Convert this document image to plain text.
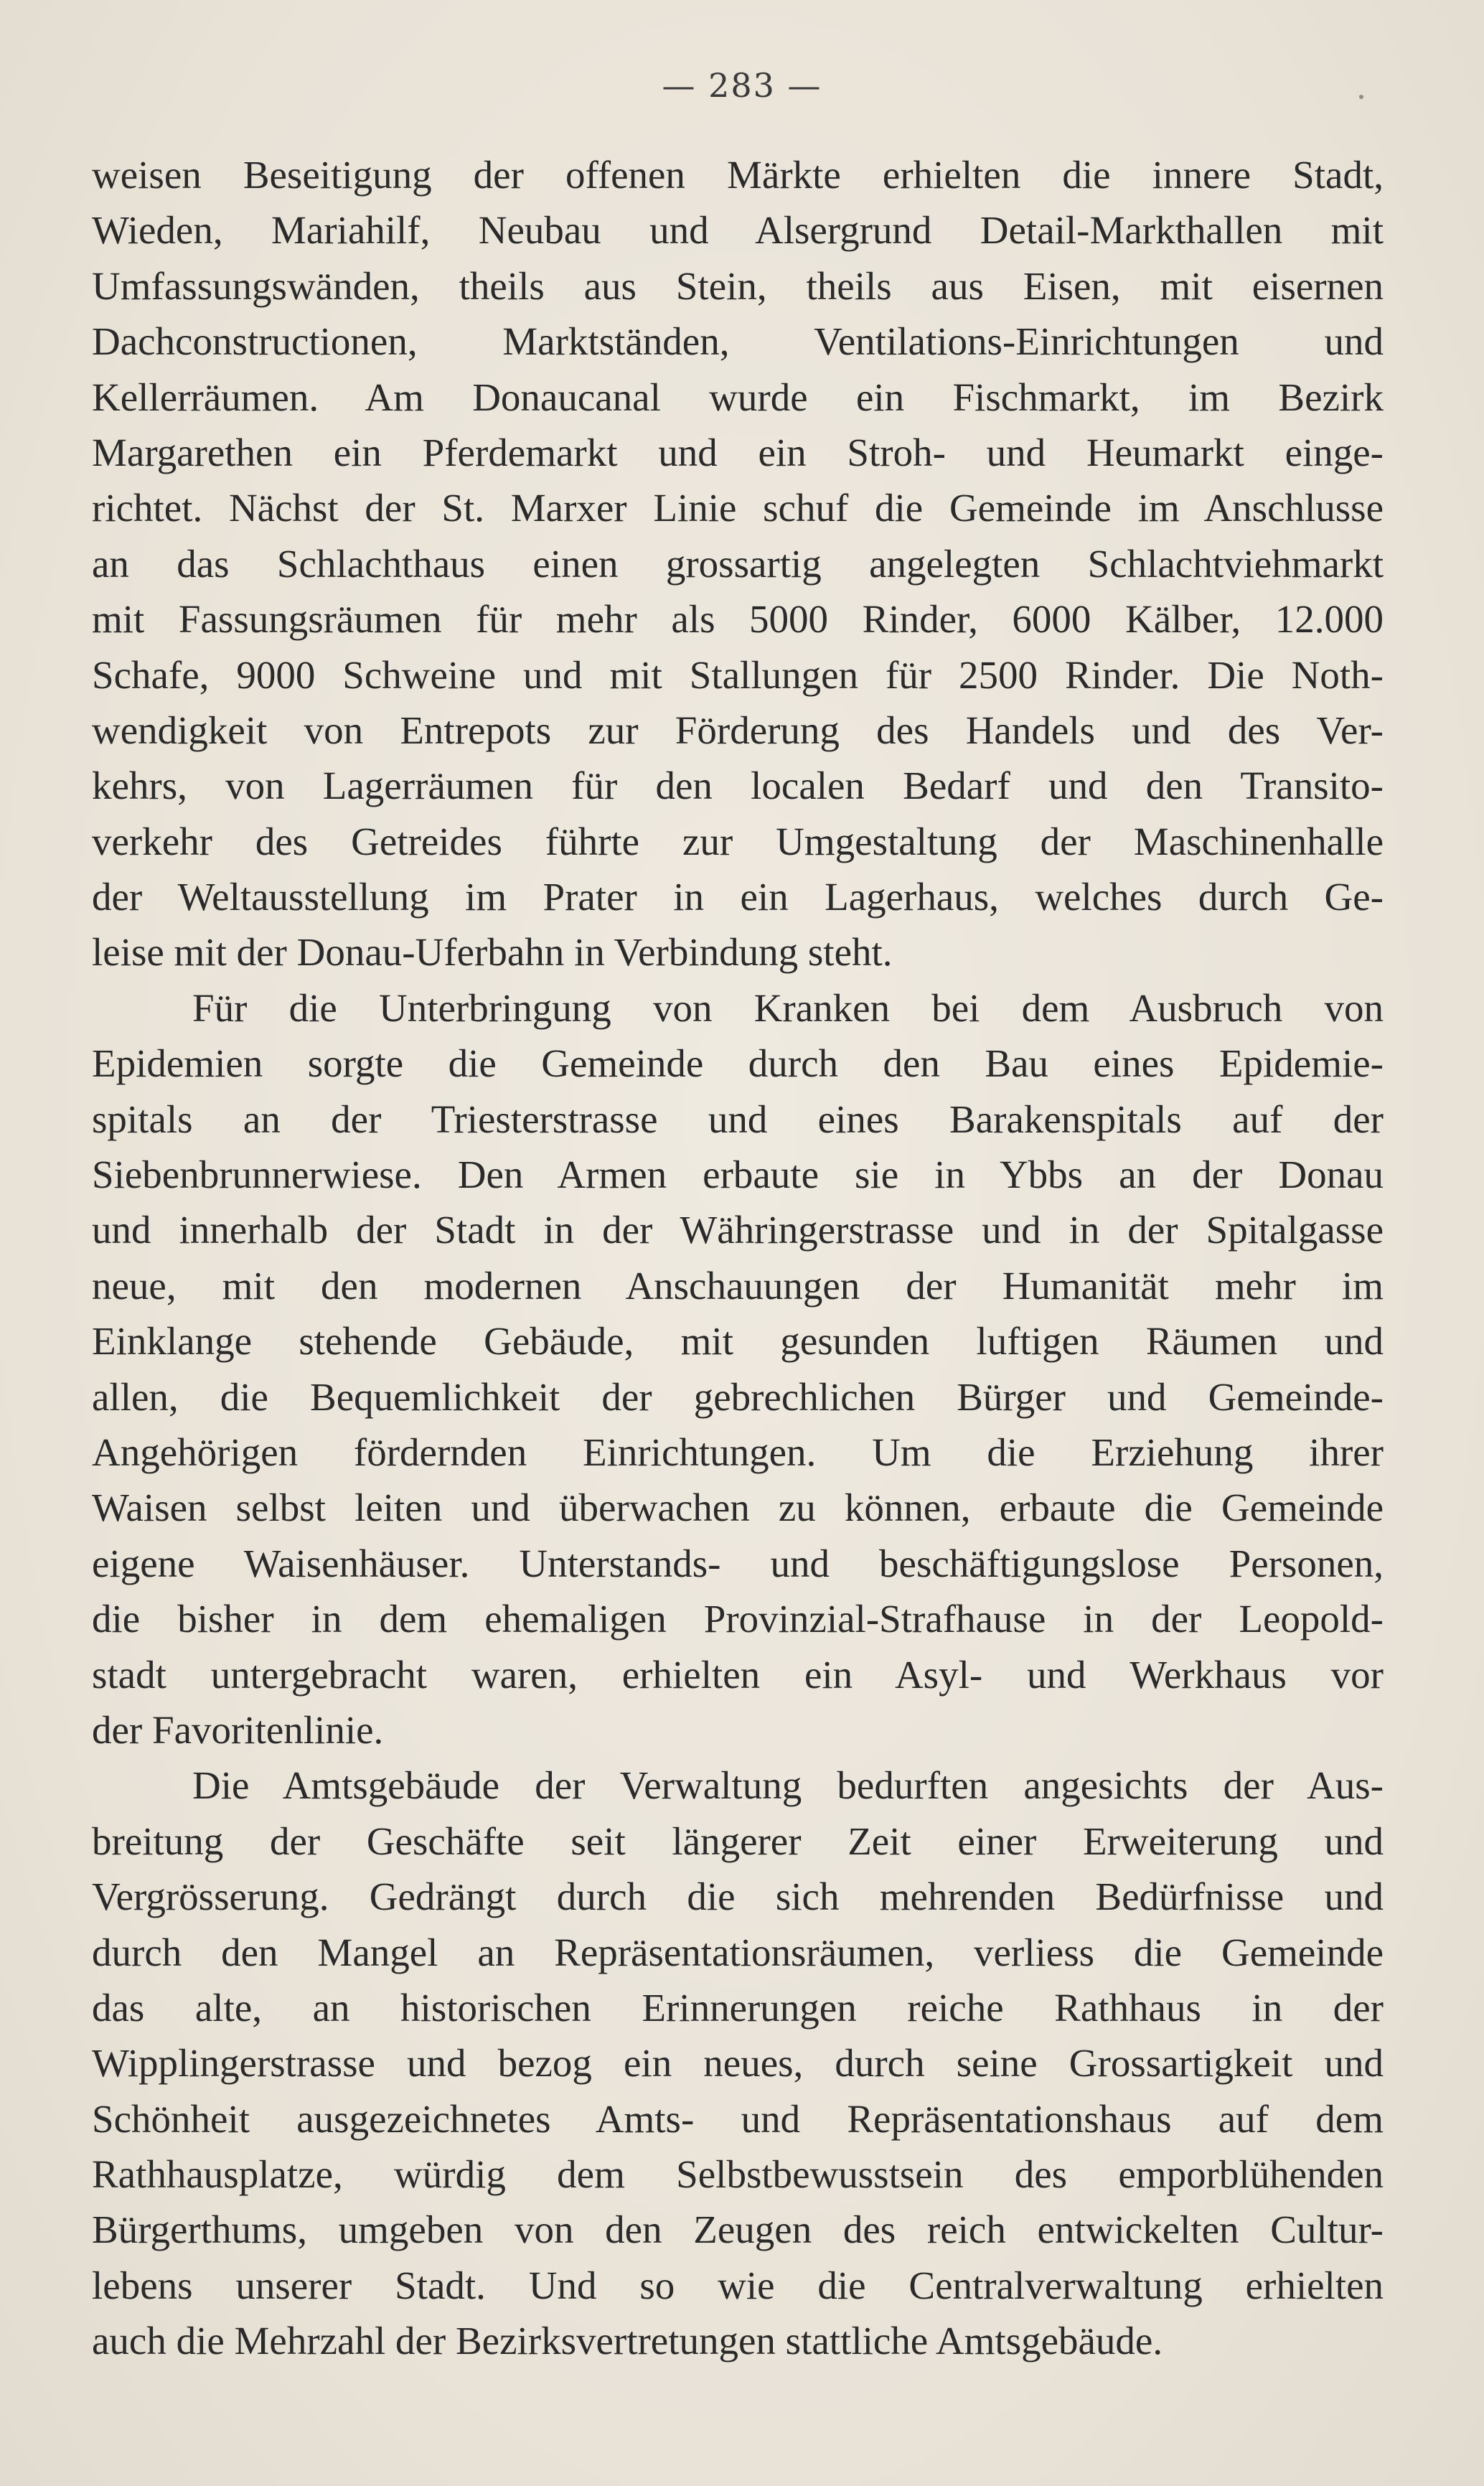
— 283 —
weisen Beseitigung der offenen Märkte erhielten die innere Stadt,
Wieden, Mariahilf, Neubau und Alsergrund Detail-Markthallen mit
Umfassungswänden, theils aus Stein, theils aus Eisen, mit eisernen
Dachconstructionen, Marktständen, Ventilations-Einrichtungen und
Kellerräumen. Am Donaucanal wurde ein Fischmarkt, im Bezirk
Margarethen ein Pferdemarkt und ein Stroh- und Heumarkt einge-
richtet. Nächst der St. Marxer Linie schuf die Gemeinde im Anschlusse
an das Schlachthaus einen grossartig angelegten Schlachtviehmarkt
mit Fassungsräumen für mehr als 5000 Rinder, 6000 Kälber, 12.000
Schafe, 9000 Schweine und mit Stallungen für 2500 Rinder. Die Noth-
wendigkeit von Entrepots zur Förderung des Handels und des Ver-
kehrs, von Lagerräumen für den localen Bedarf und den Transito-
verkehr des Getreides führte zur Umgestaltung der Maschinenhalle
der Weltausstellung im Prater in ein Lagerhaus, welches durch Ge-
leise mit der Donau-Uferbahn in Verbindung steht.
Für die Unterbringung von Kranken bei dem Ausbruch von
Epidemien sorgte die Gemeinde durch den Bau eines Epidemie-
spitals an der Triesterstrasse und eines Barakenspitals auf der
Siebenbrunnerwiese. Den Armen erbaute sie in Ybbs an der Donau
und innerhalb der Stadt in der Währingerstrasse und in der Spitalgasse
neue, mit den modernen Anschauungen der Humanität mehr im
Einklange stehende Gebäude, mit gesunden luftigen Räumen und
allen, die Bequemlichkeit der gebrechlichen Bürger und Gemeinde-
Angehörigen fördernden Einrichtungen. Um die Erziehung ihrer
Waisen selbst leiten und überwachen zu können, erbaute die Gemeinde
eigene Waisenhäuser. Unterstands- und beschäftigungslose Personen,
die bisher in dem ehemaligen Provinzial-Strafhause in der Leopold-
stadt untergebracht waren, erhielten ein Asyl- und Werkhaus vor
der Favoritenlinie.
Die Amtsgebäude der Verwaltung bedurften angesichts der Aus-
breitung der Geschäfte seit längerer Zeit einer Erweiterung und
Vergrösserung. Gedrängt durch die sich mehrenden Bedürfnisse und
durch den Mangel an Repräsentationsräumen, verliess die Gemeinde
das alte, an historischen Erinnerungen reiche Rathhaus in der
Wipplingerstrasse und bezog ein neues, durch seine Grossartigkeit und
Schönheit ausgezeichnetes Amts- und Repräsentationshaus auf dem
Rathhausplatze, würdig dem Selbstbewusstsein des emporblühenden
Bürgerthums, umgeben von den Zeugen des reich entwickelten Cultur-
lebens unserer Stadt. Und so wie die Centralverwaltung erhielten
auch die Mehrzahl der Bezirksvertretungen stattliche Amtsgebäude.
